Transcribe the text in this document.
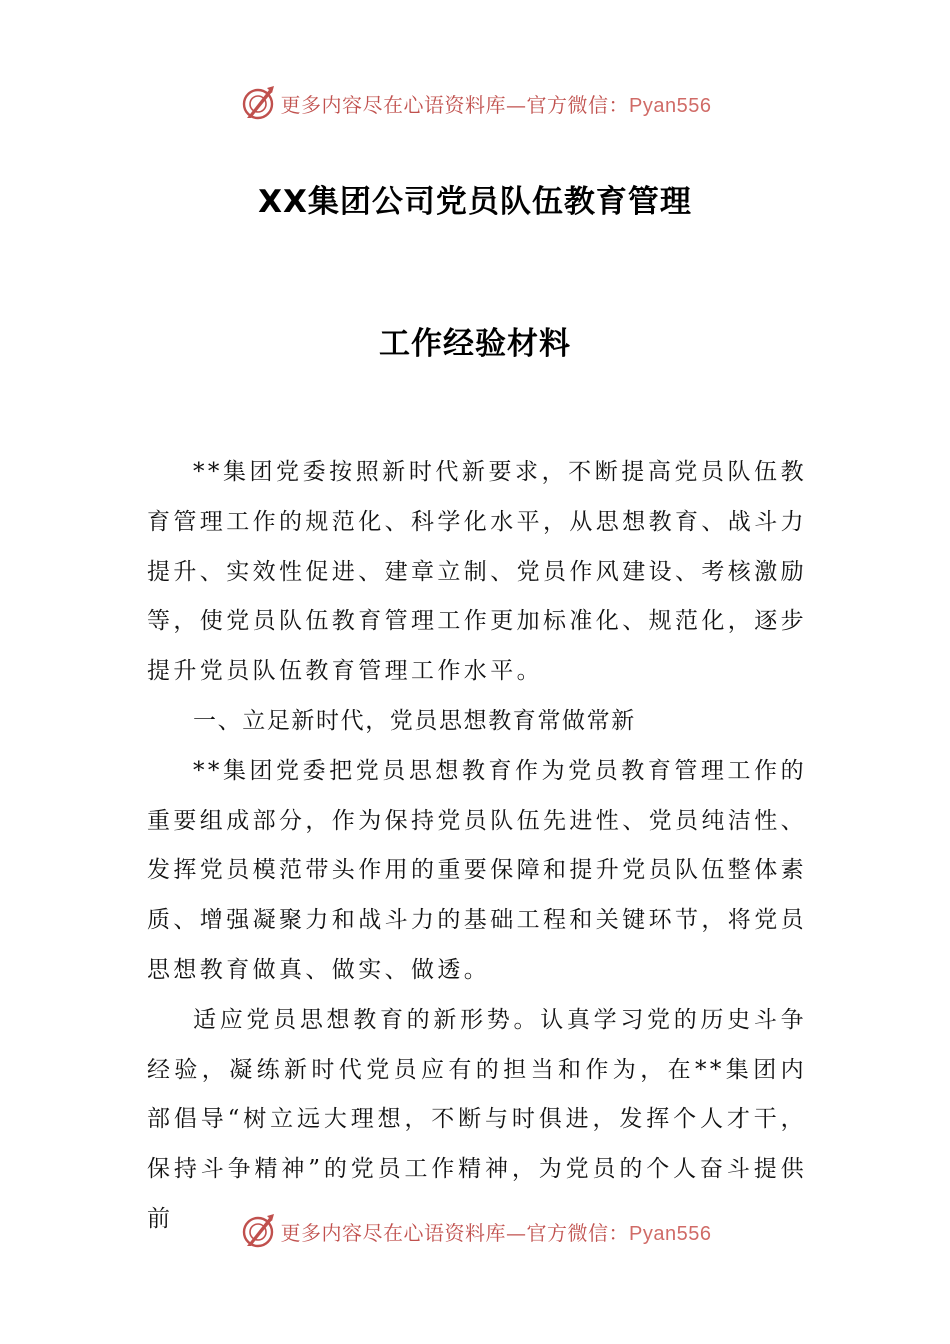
更多内容尽在心语资料库—官方微信：Pyan556
XX集团公司党员队伍教育管理
工作经验材料

**集团党委按照新时代新要求，不断提高党员队伍教育管理工作的规范化、科学化水平，从思想教育、战斗力提升、实效性促进、建章立制、党员作风建设、考核激励等，使党员队伍教育管理工作更加标准化、规范化，逐步提升党员队伍教育管理工作水平。

一、立足新时代，党员思想教育常做常新

**集团党委把党员思想教育作为党员教育管理工作的重要组成部分，作为保持党员队伍先进性、党员纯洁性、发挥党员模范带头作用的重要保障和提升党员队伍整体素质、增强凝聚力和战斗力的基础工程和关键环节，将党员思想教育做真、做实、做透。

适应党员思想教育的新形势。认真学习党的历史斗争经验，凝练新时代党员应有的担当和作为，在**集团内部倡导“树立远大理想，不断与时俱进，发挥个人才干，保持斗争精神”的党员工作精神，为党员的个人奋斗提供前

更多内容尽在心语资料库—官方微信：Pyan556
